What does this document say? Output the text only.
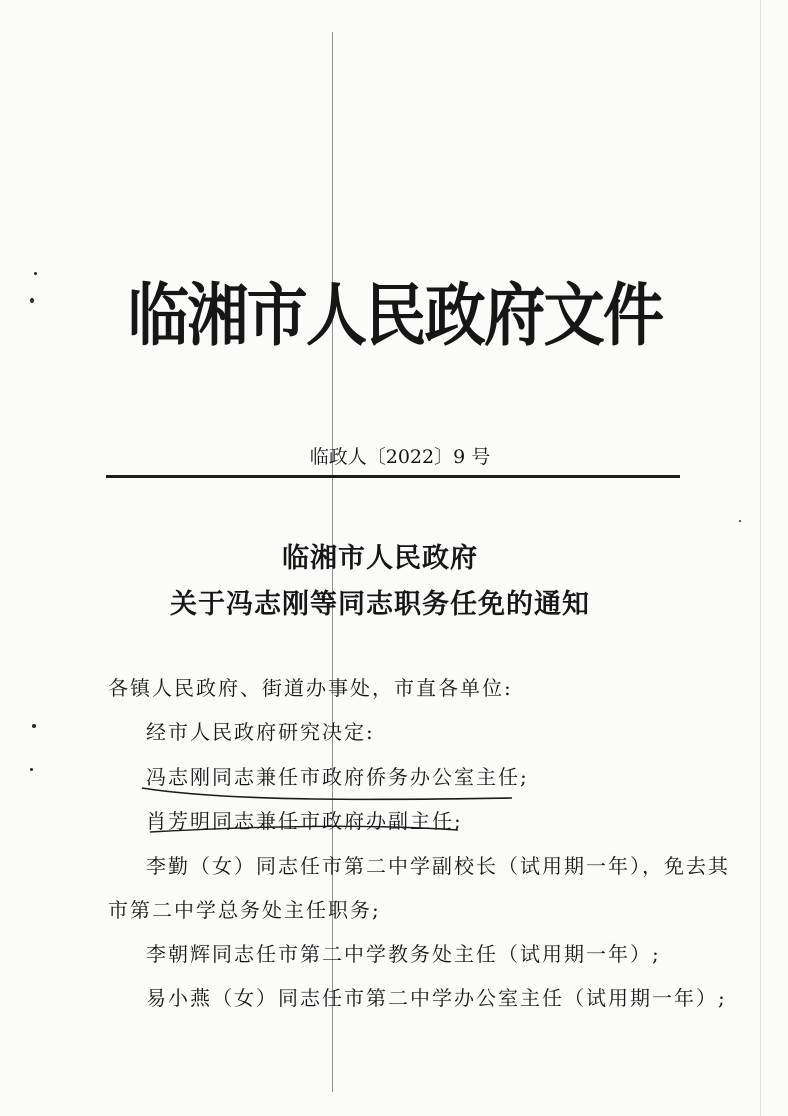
临湘市人民政府文件
临政人〔2022〕9 号
临湘市人民政府
关于冯志刚等同志职务任免的通知
各镇人民政府、街道办事处，市直各单位:
经市人民政府研究决定:
冯志刚同志兼任市政府侨务办公室主任;
肖芳明同志兼任市政府办副主任;
李勤（女）同志任市第二中学副校长（试用期一年），免去其
市第二中学总务处主任职务;
李朝辉同志任市第二中学教务处主任（试用期一年）;
易小燕（女）同志任市第二中学办公室主任（试用期一年）;
